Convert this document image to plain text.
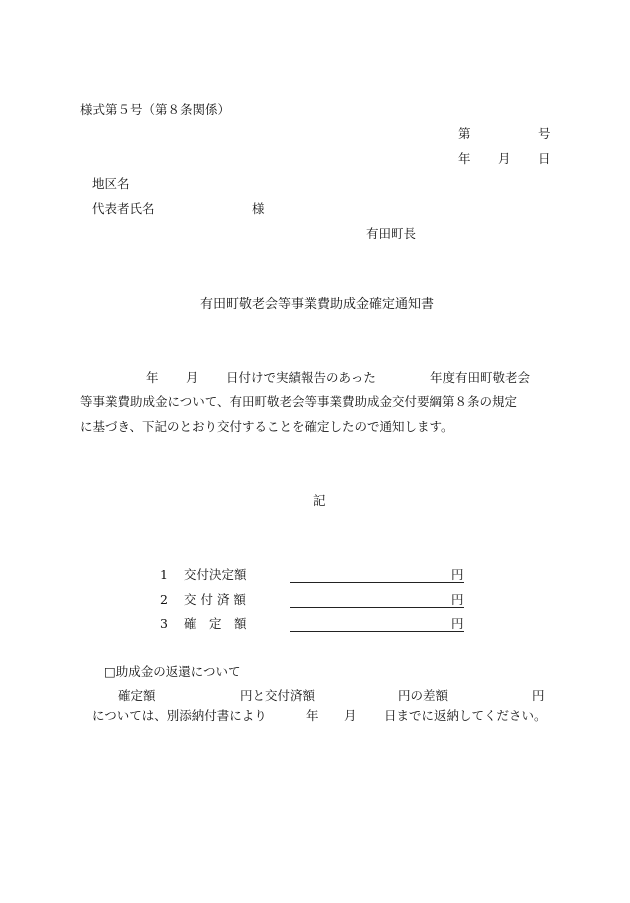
様式第５号（第８条関係）
第	号
年 月 日
地区名
代表者氏名	様
有田町長
有田町敬老会等事業費助成金確定通知書
年 月 日付けで実績報告のあった	年度有田町敬老会
等事業費助成金について、有田町敬老会等事業費助成金交付要綱第８条の規定
に基づき、下記のとおり交付することを確定したので通知します。
記
1 交付決定額	円
2 交 付 済 額	円
3 確　定　額	円
□助成金の返還について
確定額	円と交付済額	円の差額	円
については、別添納付書により	年 月 日までに返納してください。
